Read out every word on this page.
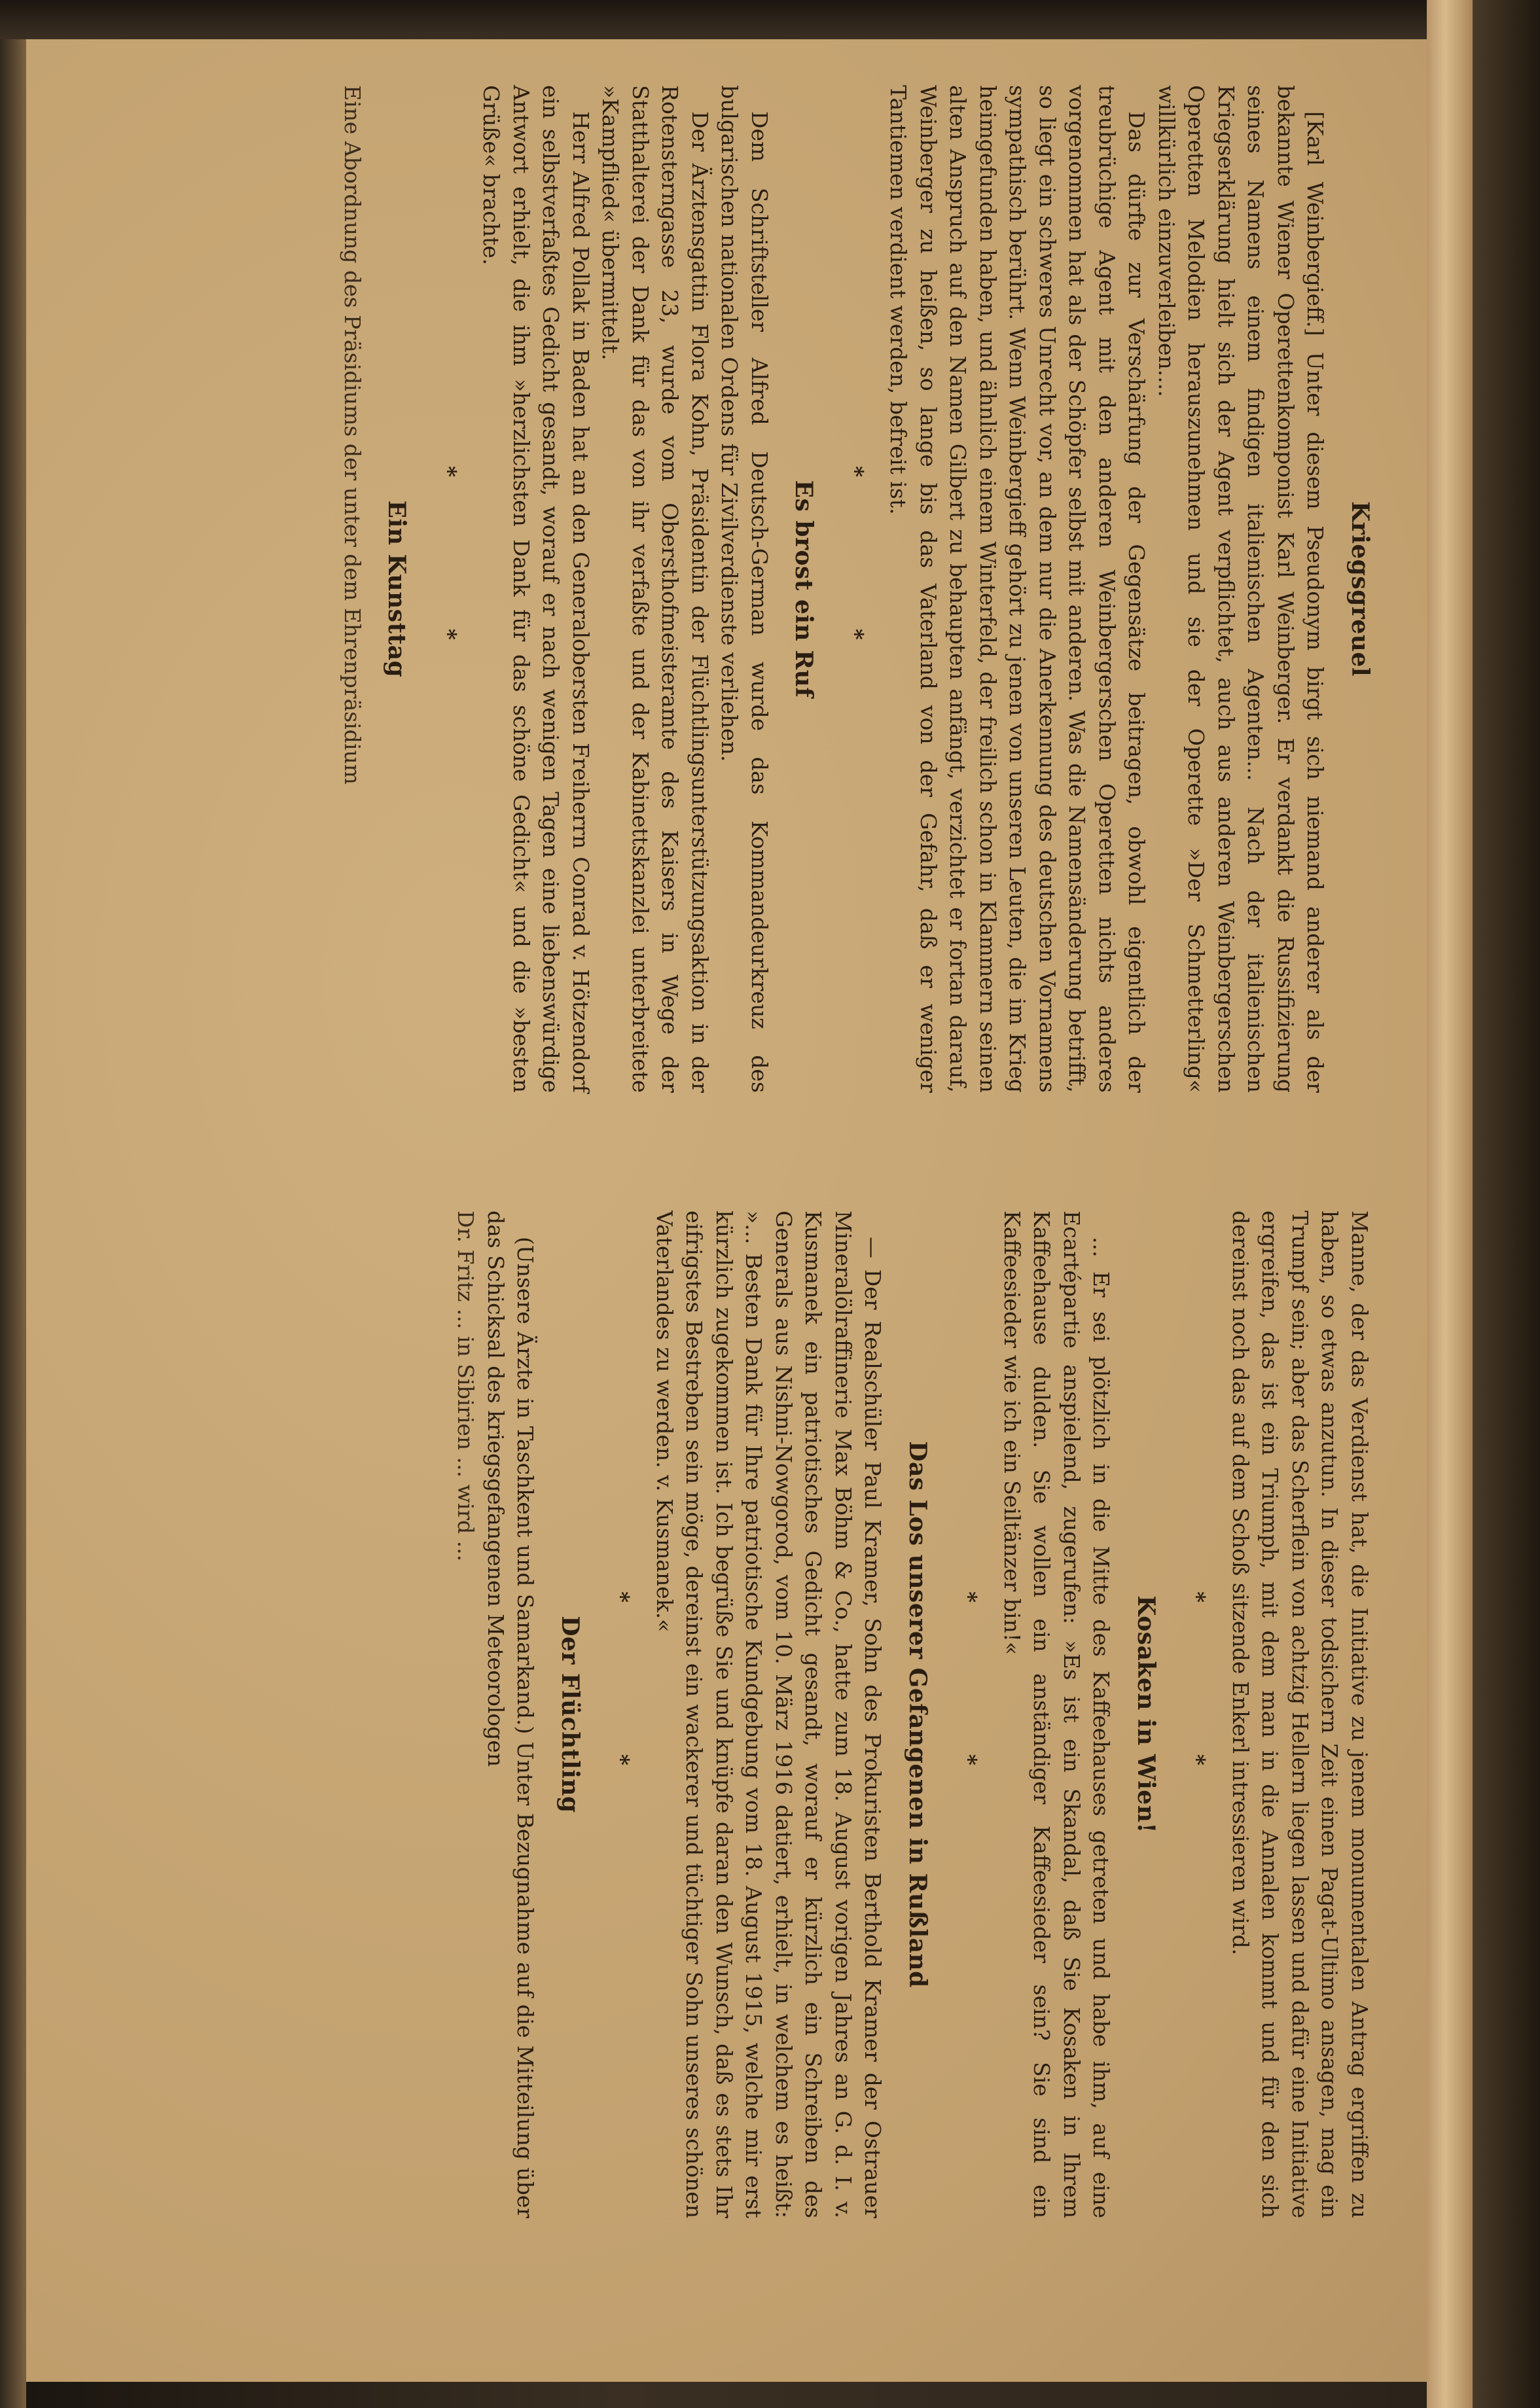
Kriegsgreuel

[Karl Weinbergieff.] Unter diesem Pseudonym birgt sich niemand anderer als der bekannte Wiener Operettenkomponist Karl Weinberger. Er verdankt die Russifizierung seines Namens einem findigen italienischen Agenten... Nach der italienischen Kriegserklärung hielt sich der Agent verpflichtet, auch aus anderen Weinbergerschen Operetten Melodien herauszunehmen und sie der Operette »Der Schmetterling« willkürlich einzuverleiben....

Das dürfte zur Verschärfung der Gegensätze beitragen, obwohl eigentlich der treubrüchige Agent mit den anderen Weinbergerschen Operetten nichts anderes vorgenommen hat als der Schöpfer selbst mit anderen. Was die Namensänderung betrifft, so liegt ein schweres Unrecht vor, an dem nur die Anerkennung des deutschen Vornamens sympathisch berührt. Wenn Weinbergieff gehört zu jenen von unseren Leuten, die im Krieg heimgefunden haben, und ähnlich einem Winterfeld, der freilich schon in Klammern seinen alten Anspruch auf den Namen Gilbert zu behaupten anfängt, verzichtet er fortan darauf, Weinberger zu heißen, so lange bis das Vaterland von der Gefahr, daß er weniger Tantiemen verdient werden, befreit ist.

* *
Es brost ein Ruf

Dem Schriftsteller Alfred Deutsch-German wurde das Kommandeurkreuz des bulgarischen nationalen Ordens für Zivilverdienste verliehen.

Der Ärztensgattin Flora Kohn, Präsidentin der Flüchtlingsunterstützungsaktion in der Rotensterngasse 23, wurde vom Obersthofmeisteramte des Kaisers in Wege der Statthalterei der Dank für das von ihr verfaßte und der Kabinettskanzlei unterbreitete »Kampflied« übermittelt.

Herr Alfred Pollak in Baden hat an den Generalobersten Freiherrn Conrad v. Hötzendorf ein selbstverfaßtes Gedicht gesandt, worauf er nach wenigen Tagen eine liebenswürdige Antwort erhielt, die ihm »herzlichsten Dank für das schöne Gedicht« und die »besten Grüße« brachte.

* *
Ein Kunsttag

Eine Abordnung des Präsidiums der unter dem Ehrenpräsidium

Manne, der das Verdienst hat, die Initiative zu jenem monumentalen Antrag ergriffen zu haben, so etwas anzutun. In dieser todsichern Zeit einen Pagat-Ultimo ansagen, mag ein Trumpf sein; aber das Scherflein von achtzig Hellern liegen lassen und dafür eine Initiative ergreifen, das ist ein Triumph, mit dem man in die Annalen kommt und für den sich dereinst noch das auf dem Schoß sitzende Enkerl intressieren wird.

* *
Kosaken in Wien!

... Er sei plötzlich in die Mitte des Kaffeehauses getreten und habe ihm, auf eine Ecartépartie anspielend, zugerufen: »Es ist ein Skandal, daß Sie Kosaken in Ihrem Kaffeehause dulden. Sie wollen ein anständiger Kaffeesieder sein? Sie sind ein Kaffeesieder wie ich ein Seiltänzer bin!«

* *
Das Los unserer Gefangenen in Rußland

— Der Realschüler Paul Kramer, Sohn des Prokuristen Berthold Kramer der Ostrauer Mineralölraffinerie Max Böhm & Co., hatte zum 18. August vorigen Jahres an G. d. I. v. Kusmanek ein patriotisches Gedicht gesandt, worauf er kürzlich ein Schreiben des Generals aus Nishni-Nowgorod, vom 10. März 1916 datiert, erhielt, in welchem es heißt: »... Besten Dank für Ihre patriotische Kundgebung vom 18. August 1915, welche mir erst kürzlich zugekommen ist. Ich begrüße Sie und knüpfe daran den Wunsch, daß es stets Ihr eifrigstes Bestreben sein möge, dereinst ein wackerer und tüchtiger Sohn unseres schönen Vaterlandes zu werden. v. Kusmanek.«

* *
Der Flüchtling

(Unsere Ärzte in Taschkent und Samarkand.) Unter Bezugnahme auf die Mitteilung über das Schicksal des kriegsgefangenen Meteorologen

Dr. Fritz ... in Sibirien ... wird ...
